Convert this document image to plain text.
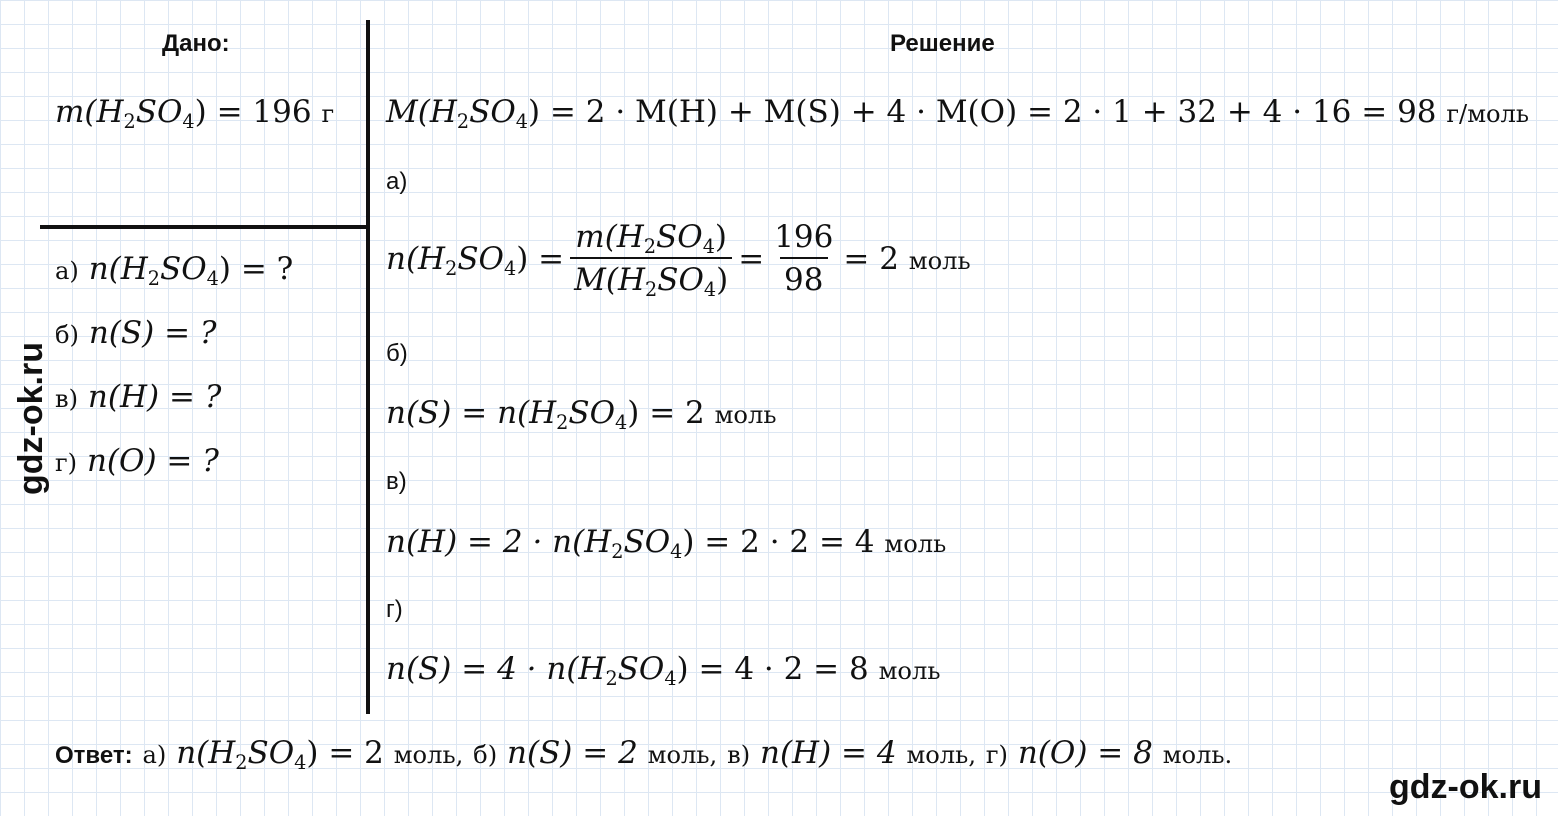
Дано:	Решение
$m(H_2SO_4) = 196$ г
а) $n(H_2SO_4)$ = ?
б) n(S) = ?
в) n(H) = ?
г) n(O) = ?
$M(H_2SO_4) = 2 \cdot M(H) + M(S) + 4 \cdot M(O) = 2 \cdot 1 + 32 + 4 \cdot 16 = 98$ г/моль
а)
$n(H_2SO_4) = \frac{m(H_2SO_4)}{M(H_2SO_4)} = \frac{196}{98} = 2$ моль
б)
$n(S) = n(H_2SO_4) = 2$ моль
в)
$n(H) = 2 \cdot n(H_2SO_4) = 2 \cdot 2 = 4$ моль
г)
$n(S) = 4 \cdot n(H_2SO_4) = 4 \cdot 2 = 8$ моль
Ответ: а) $n(H_2SO_4) = 2$ моль, б) n(S) = 2 моль, в) n(H) = 4 моль, г) n(O) = 8 моль.
gdz-ok.ru
gdz-ok.ru
